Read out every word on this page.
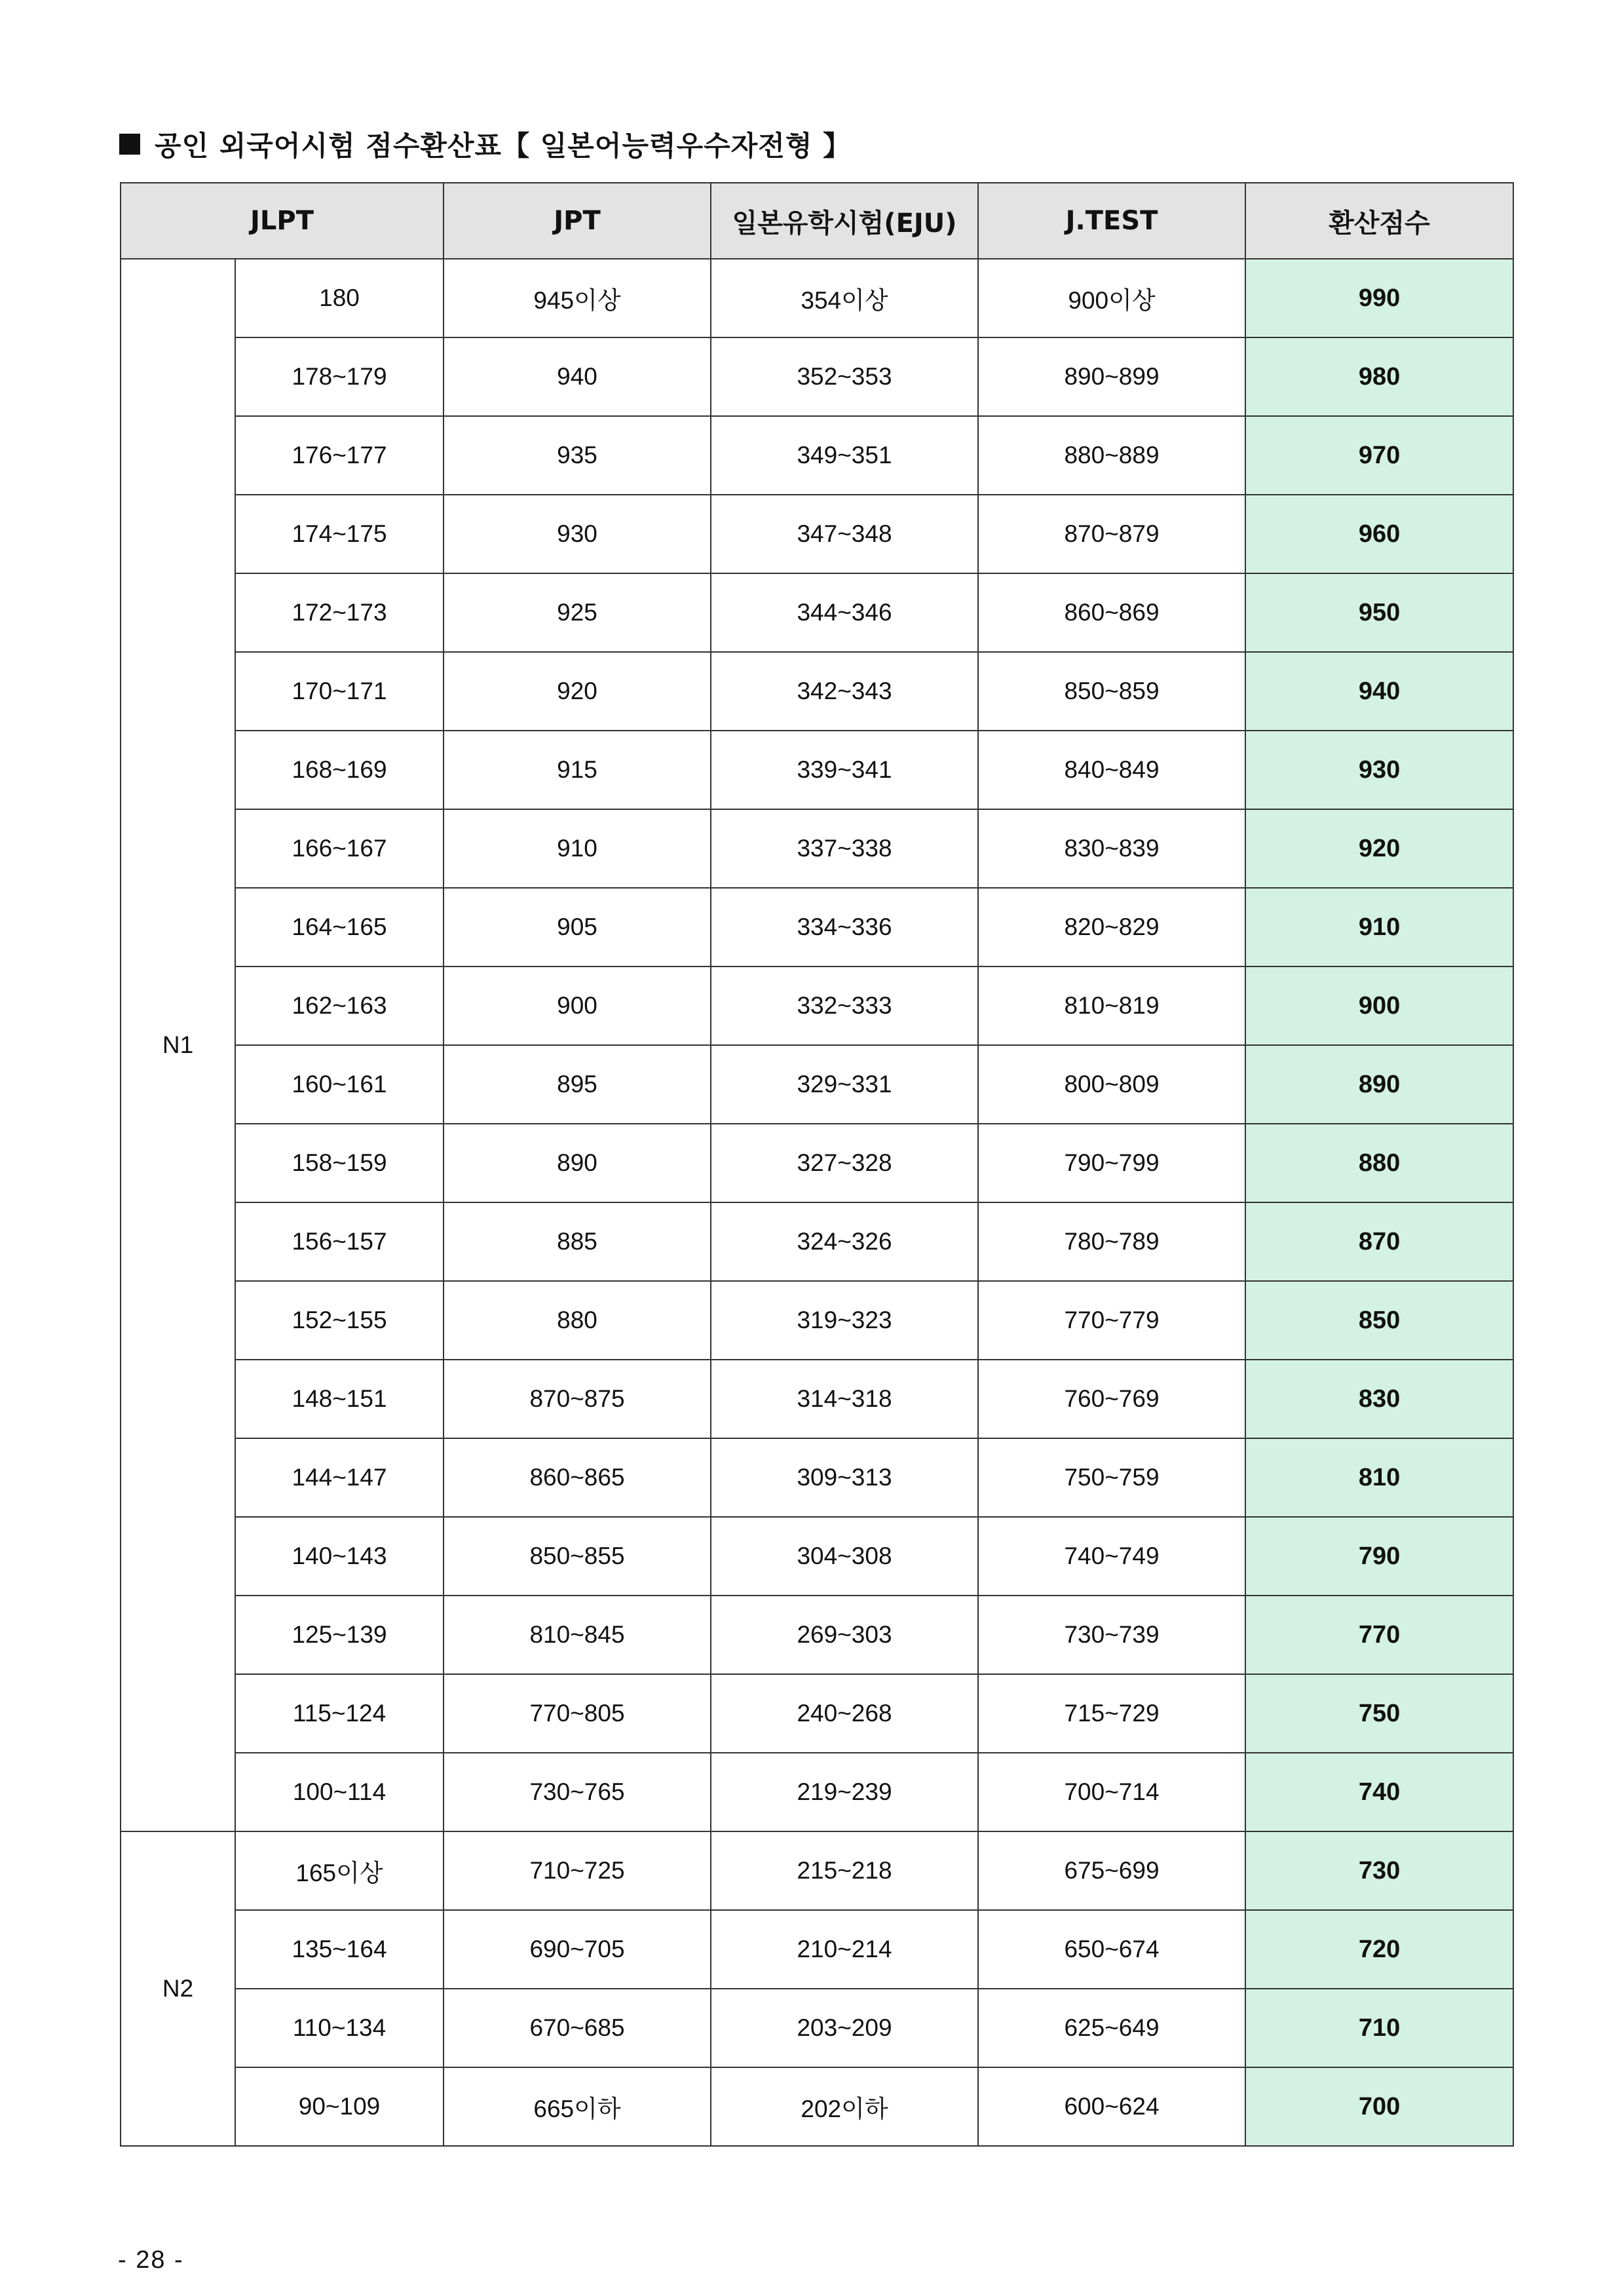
공인 외국어시험 점수환산표【 일본어능력우수자전형 】
JLPT		JPT	일본유학시험(EJU)	J.TEST	환산점수
N1	180	945이상	354이상	900이상	990
	178~179	940	352~353	890~899	980
	176~177	935	349~351	880~889	970
	174~175	930	347~348	870~879	960
	172~173	925	344~346	860~869	950
	170~171	920	342~343	850~859	940
	168~169	915	339~341	840~849	930
	166~167	910	337~338	830~839	920
	164~165	905	334~336	820~829	910
	162~163	900	332~333	810~819	900
	160~161	895	329~331	800~809	890
	158~159	890	327~328	790~799	880
	156~157	885	324~326	780~789	870
	152~155	880	319~323	770~779	850
	148~151	870~875	314~318	760~769	830
	144~147	860~865	309~313	750~759	810
	140~143	850~855	304~308	740~749	790
	125~139	810~845	269~303	730~739	770
	115~124	770~805	240~268	715~729	750
	100~114	730~765	219~239	700~714	740
N2	165이상	710~725	215~218	675~699	730
	135~164	690~705	210~214	650~674	720
	110~134	670~685	203~209	625~649	710
	90~109	665이하	202이하	600~624	700
- 28 -
